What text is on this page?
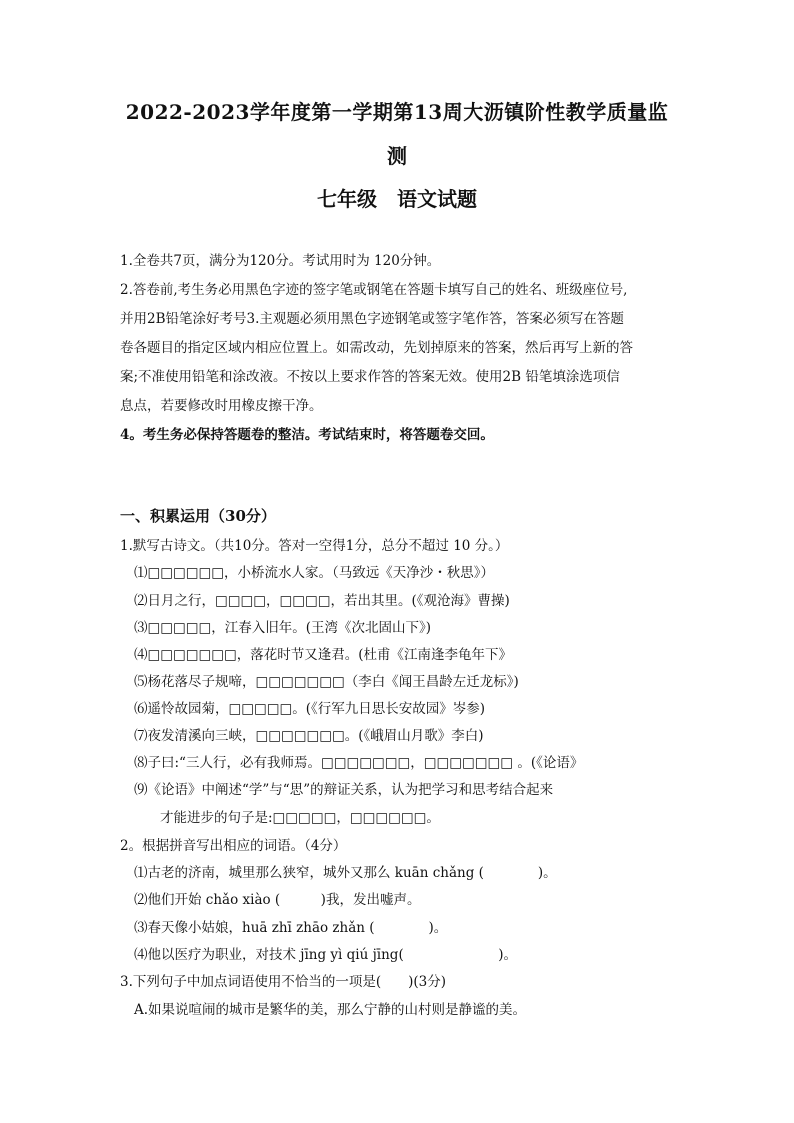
2022-2023学年度第一学期第13周大沥镇阶性教学质量监
测
七年级　语文试题
1.全卷共7页，满分为120分。考试用时为 120分钟。
2.答卷前,考生务必用黑色字迹的签字笔或钢笔在答题卡填写自己的姓名、班级座位号,
并用2B铅笔涂好考号3.主观题必须用黑色字迹钢笔或签字笔作答，答案必须写在答题
卷各题目的指定区域内相应位置上。如需改动，先划掉原来的答案，然后再写上新的答
案;不准使用铅笔和涂改液。不按以上要求作答的答案无效。使用2B 铅笔填涂选项信
息点，若要修改时用橡皮擦干净。
4。考生务必保持答题卷的整洁。考试结束时，将答题卷交回。
一、积累运用（30分）
1.默写古诗文。（共10分。答对一空得1分，总分不超过 10 分。）
⑴□□□□□□，小桥流水人家。（马致远《天净沙・秋思》）
⑵日月之行，□□□□，□□□□，若出其里。(《观沧海》曹操)
⑶□□□□□，江春入旧年。(王湾《次北固山下》)
⑷□□□□□□□，落花时节又逢君。(杜甫《江南逢李龟年下》
⑸杨花落尽子规啼，□□□□□□□（李白《闻王昌龄左迁龙标》)
⑹遥怜故园菊，□□□□□。(《行军九日思长安故园》岑参)
⑺夜发清溪向三峡，□□□□□□□。(《峨眉山月歌》李白)
⑻子曰:“三人行，必有我师焉。□□□□□□□，□□□□□□□ 。(《论语》
⑼《论语》中阐述“学”与“思”的辩证关系，认为把学习和思考结合起来
才能进步的句子是:□□□□□，□□□□□□。
2。根据拼音写出相应的词语。（4分）
⑴古老的济南，城里那么狭窄，城外又那么 kuān chǎng (　　　　)。
⑵他们开始 chǎo xiào (　　　)我，发出嘘声。
⑶春天像小姑娘，huā zhī zhāo zhǎn (　　　　)。
⑷他以医疗为职业，对技术 jīng yì qiú jīng(　　　　　　　)。
3.下列句子中加点词语使用不恰当的一项是(　　)(3分)
A.如果说喧闹的城市是繁华的美，那么宁静的山村则是静谧的美。
